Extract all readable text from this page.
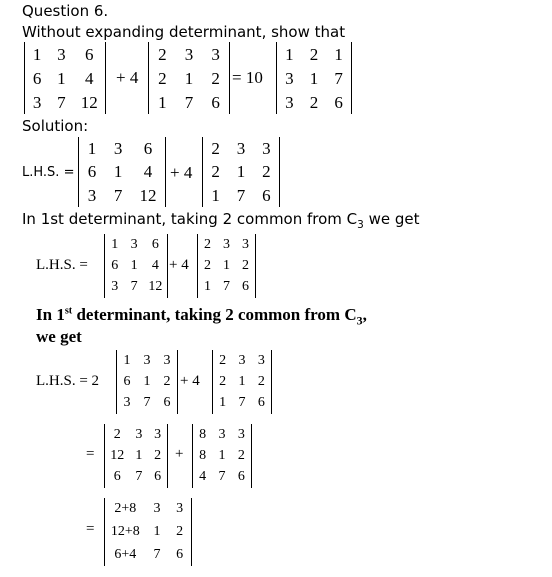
Question 6.
Without expanding determinant, show that
1 3	6
6 1	4
3 7 12
+ 4
2	3	3
2	1	2
1	7	6
= 10
1 2 1
3 1 7
3 2 6
Solution:
L.H.S. =
1	3	6
6	1	4
3	7	12
+ 4
2 3 3
2 1 2
1 7 6
In 1st determinant, taking 2 common from $C_3$ we get
L.H.S. =
1 3	6
6 1	4
3 7 12
+ 4
2 3 3
2 1 2
1 7 6
In 1st determinant, taking 2 common from $C_3$,
we get
L.H.S. = 2
1 3 3
6 1 2
3 7 6
+ 4
2 3 3
2 1 2
1 7 6
=
2	3 3
12 1 2
6	7 6
+
8 3 3
8 1 2
4 7 6
=
2+8	3	3
12+8 1	2
6+4	7	6
